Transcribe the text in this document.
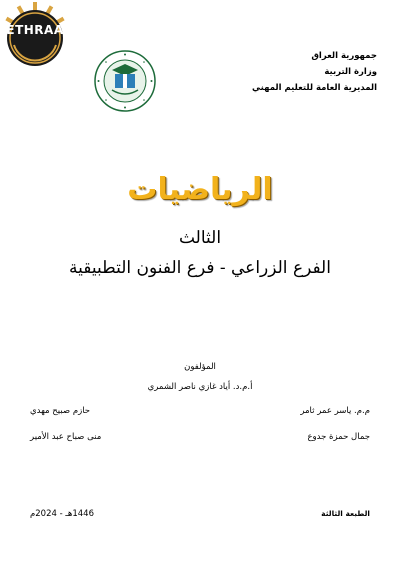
ETHRAA
جمهورية العراق
وزارة التربية
المديرية العامة للتعليم المهني
الرياضيات
الثالث
الفرع الزراعي - فرع الفنون التطبيقية
المؤلفون
أ.م.د. أياد غازي ناصر الشمري
م.م. ياسر عمر ثامر
حازم صبيح مهدي
جمال حمزة جدوع
منى صباح عبد الأمير
الطبعة الثالثة
1446هـ - 2024م
